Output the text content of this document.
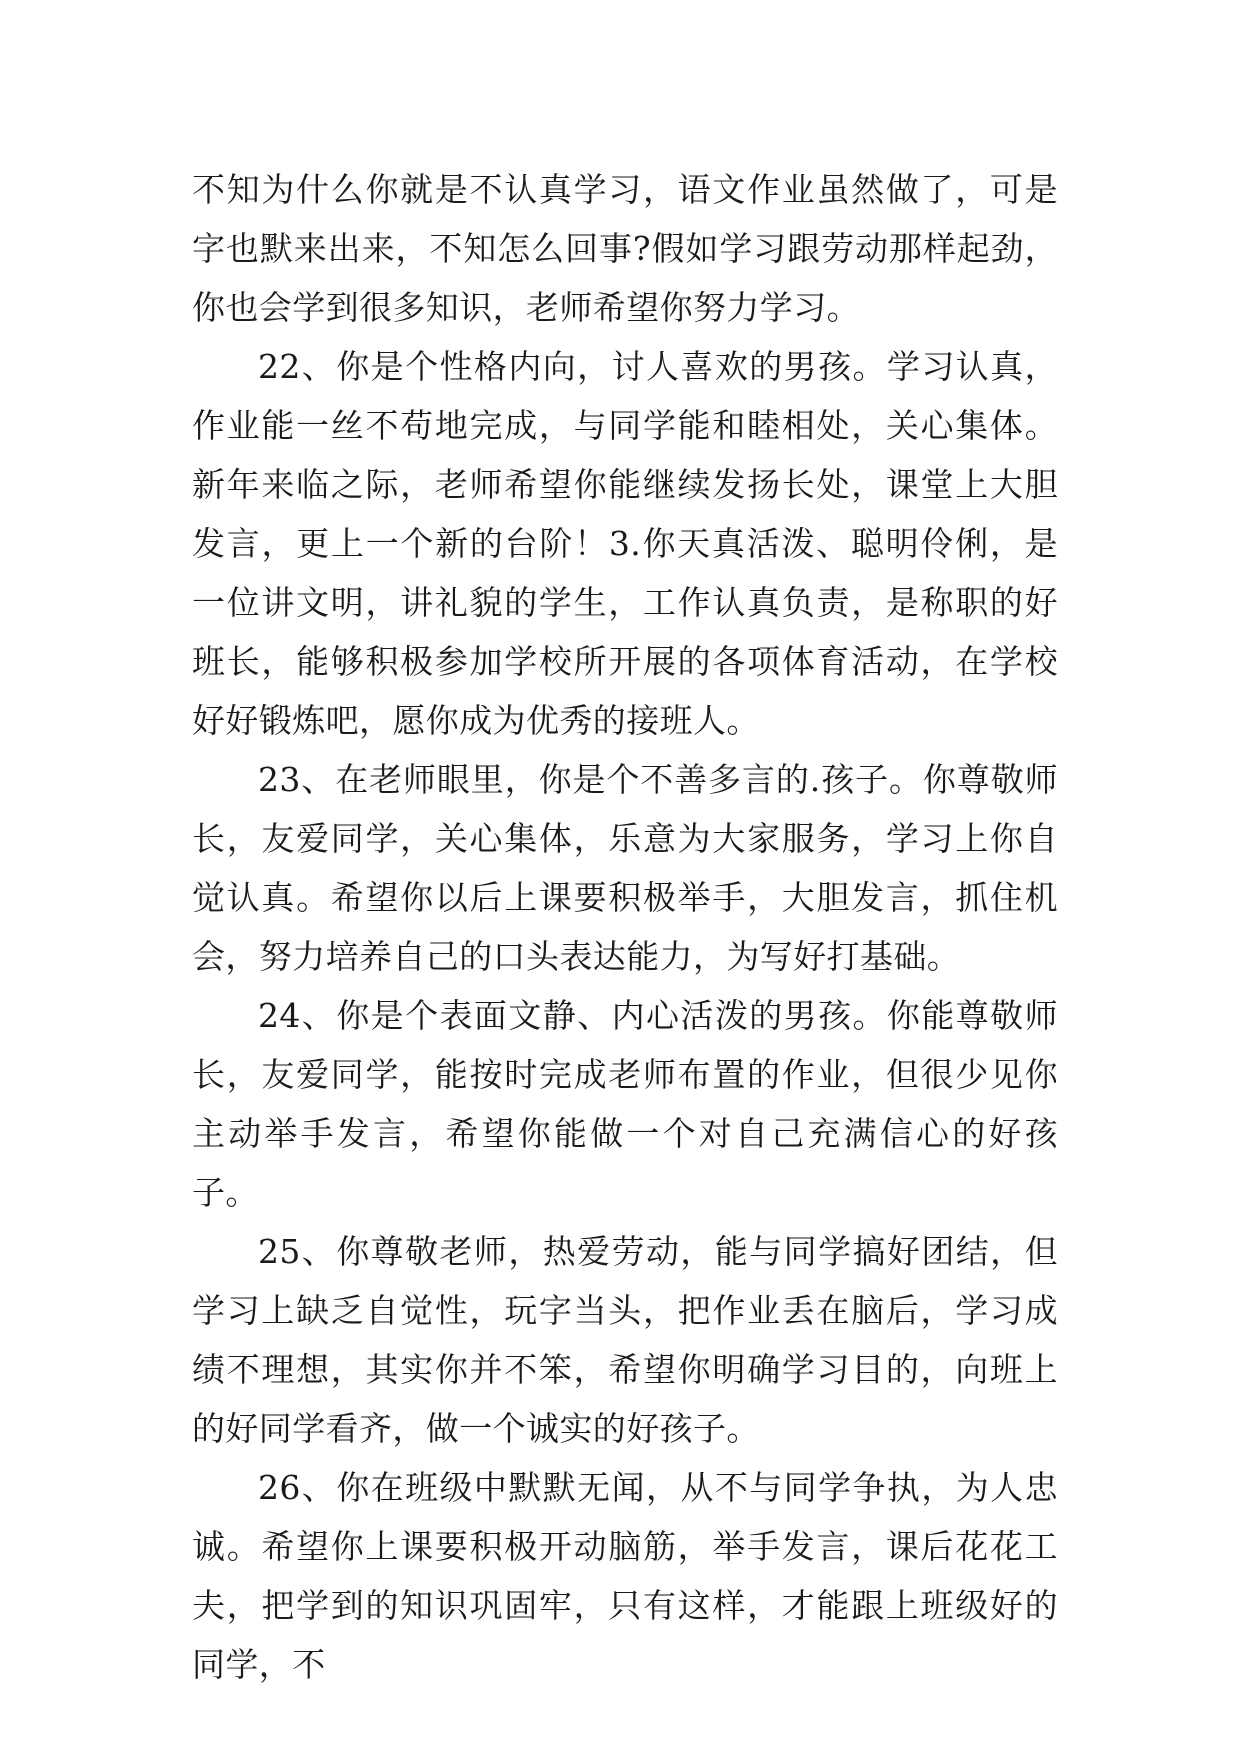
不知为什么你就是不认真学习，语文作业虽然做了，可是字也默来出来，不知怎么回事?假如学习跟劳动那样起劲，你也会学到很多知识，老师希望你努力学习。

22、你是个性格内向，讨人喜欢的男孩。学习认真，作业能一丝不苟地完成，与同学能和睦相处，关心集体。新年来临之际，老师希望你能继续发扬长处，课堂上大胆发言，更上一个新的台阶！3.你天真活泼、聪明伶俐，是一位讲文明，讲礼貌的学生，工作认真负责，是称职的好班长，能够积极参加学校所开展的各项体育活动，在学校好好锻炼吧，愿你成为优秀的接班人。

23、在老师眼里，你是个不善多言的.孩子。你尊敬师长，友爱同学，关心集体，乐意为大家服务，学习上你自觉认真。希望你以后上课要积极举手，大胆发言，抓住机会，努力培养自己的口头表达能力，为写好打基础。

24、你是个表面文静、内心活泼的男孩。你能尊敬师长，友爱同学，能按时完成老师布置的作业，但很少见你主动举手发言，希望你能做一个对自己充满信心的好孩子。

25、你尊敬老师，热爱劳动，能与同学搞好团结，但学习上缺乏自觉性，玩字当头，把作业丢在脑后，学习成绩不理想，其实你并不笨，希望你明确学习目的，向班上的好同学看齐，做一个诚实的好孩子。

26、你在班级中默默无闻，从不与同学争执，为人忠诚。希望你上课要积极开动脑筋，举手发言，课后花花工夫，把学到的知识巩固牢，只有这样，才能跟上班级好的同学，不
